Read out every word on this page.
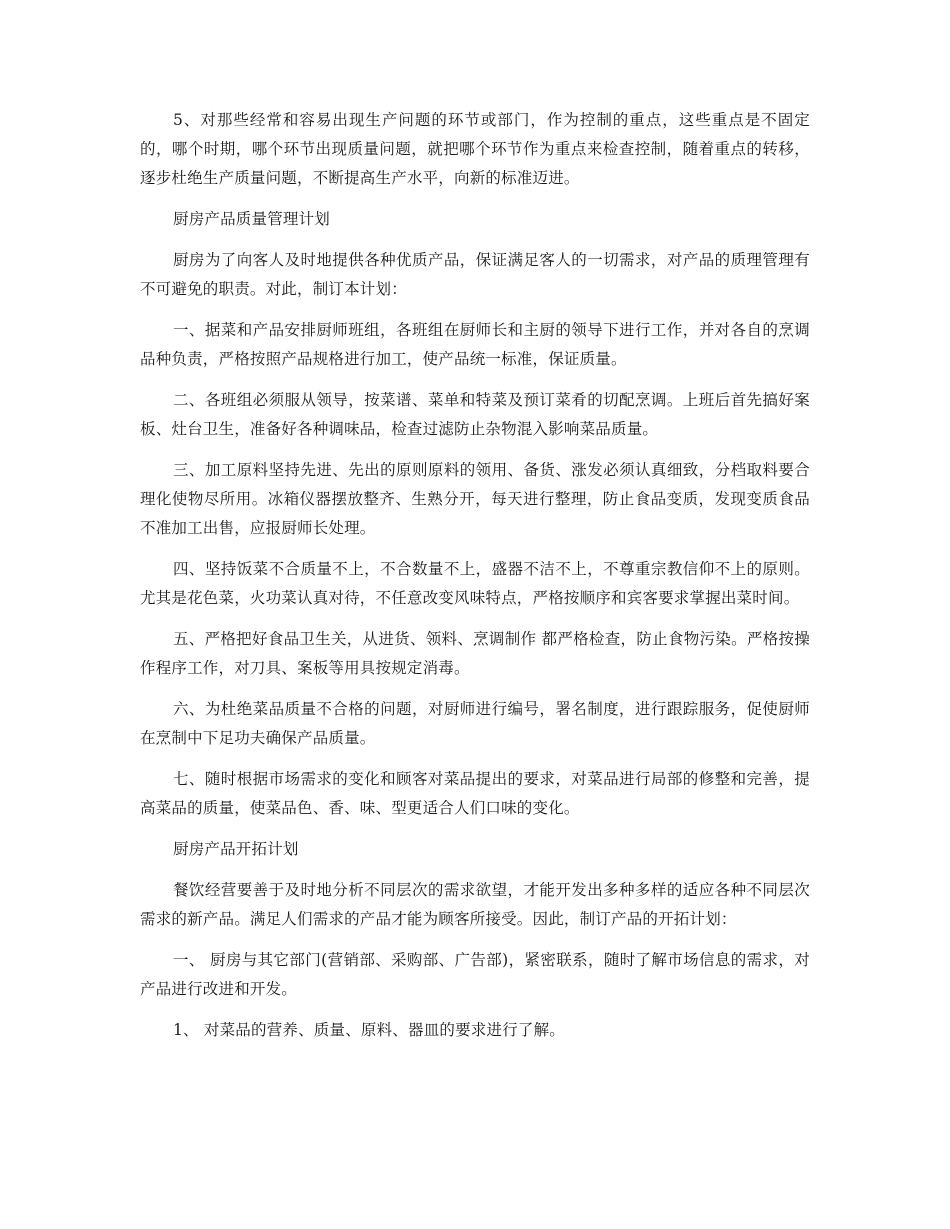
5、对那些经常和容易出现生产问题的环节或部门，作为控制的重点，这些重点是不固定的，哪个时期，哪个环节出现质量问题，就把哪个环节作为重点来检查控制，随着重点的转移，逐步杜绝生产质量问题，不断提高生产水平，向新的标准迈进。

厨房产品质量管理计划

厨房为了向客人及时地提供各种优质产品，保证满足客人的一切需求，对产品的质理管理有不可避免的职责。对此，制订本计划：

一、据菜和产品安排厨师班组，各班组在厨师长和主厨的领导下进行工作，并对各自的烹调品种负责，严格按照产品规格进行加工，使产品统一标准，保证质量。

二、各班组必须服从领导，按菜谱、菜单和特菜及预订菜肴的切配烹调。上班后首先搞好案板、灶台卫生，准备好各种调味品，检查过滤防止杂物混入影响菜品质量。

三、加工原料坚持先进、先出的原则原料的领用、备货、涨发必须认真细致，分档取料要合理化使物尽所用。冰箱仪器摆放整齐、生熟分开，每天进行整理，防止食品变质，发现变质食品不准加工出售，应报厨师长处理。

四、坚持饭菜不合质量不上，不合数量不上，盛器不洁不上，不尊重宗教信仰不上的原则。尤其是花色菜，火功菜认真对待，不任意改变风味特点，严格按顺序和宾客要求掌握出菜时间。

五、严格把好食品卫生关，从进货、领料、烹调制作 都严格检查，防止食物污染。严格按操作程序工作，对刀具、案板等用具按规定消毒。

六、为杜绝菜品质量不合格的问题，对厨师进行编号，署名制度，进行跟踪服务，促使厨师在烹制中下足功夫确保产品质量。

七、随时根据市场需求的变化和顾客对菜品提出的要求，对菜品进行局部的修整和完善，提高菜品的质量，使菜品色、香、味、型更适合人们口味的变化。

厨房产品开拓计划

餐饮经营要善于及时地分析不同层次的需求欲望，才能开发出多种多样的适应各种不同层次需求的新产品。满足人们需求的产品才能为顾客所接受。因此，制订产品的开拓计划：

一、 厨房与其它部门(营销部、采购部、广告部)，紧密联系，随时了解市场信息的需求，对产品进行改进和开发。

1、 对菜品的营养、质量、原料、器皿的要求进行了解。
